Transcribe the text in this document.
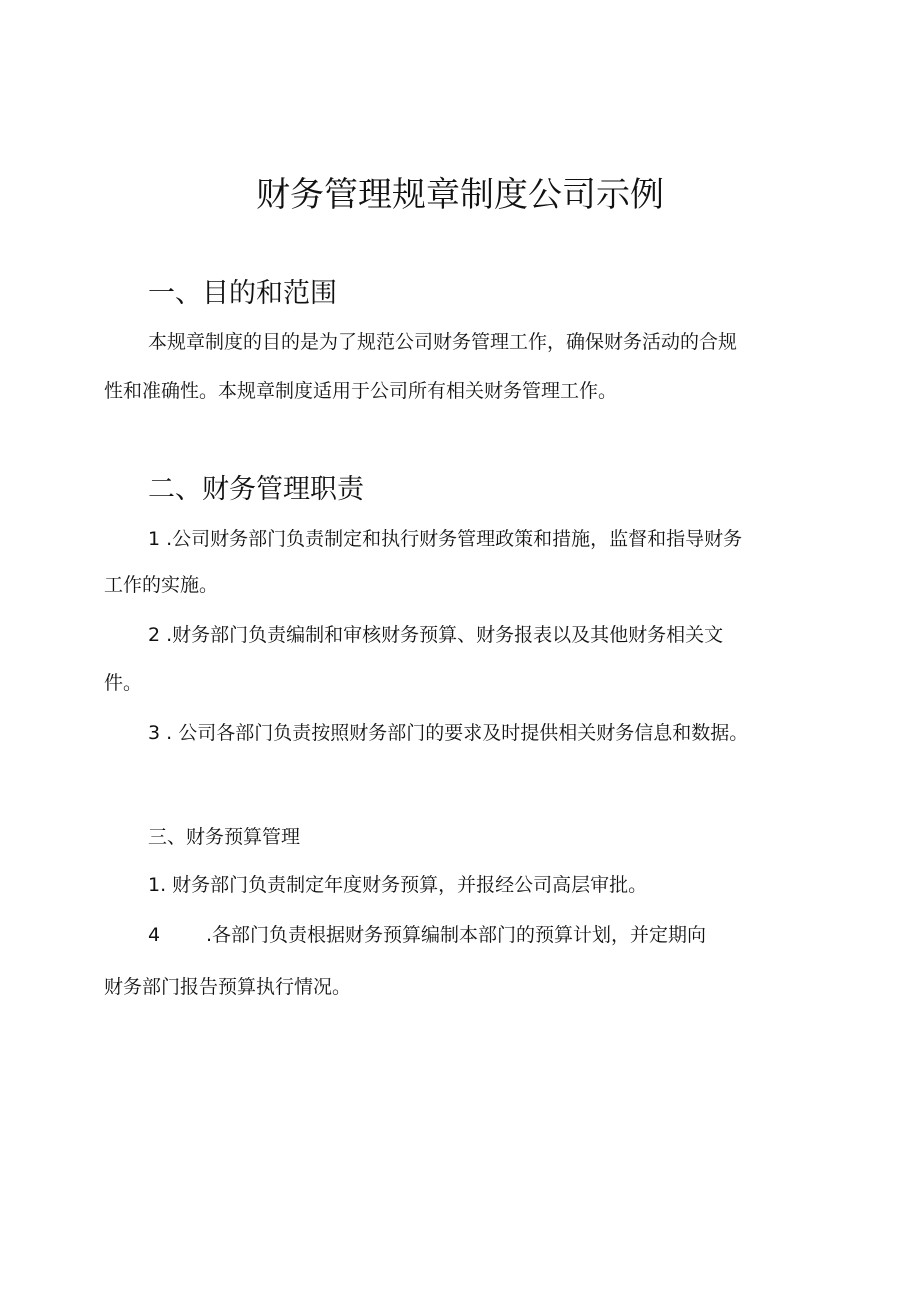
财务管理规章制度公司示例
一、目的和范围

本规章制度的目的是为了规范公司财务管理工作，确保财务活动的合规

性和准确性。本规章制度适用于公司所有相关财务管理工作。

二、财务管理职责

1 .公司财务部门负责制定和执行财务管理政策和措施，监督和指导财务

工作的实施。

2 .财务部门负责编制和审核财务预算、财务报表以及其他财务相关文

件。

3 . 公司各部门负责按照财务部门的要求及时提供相关财务信息和数据。

三、财务预算管理

1. 财务部门负责制定年度财务预算，并报经公司高层审批。

4 .各部门负责根据财务预算编制本部门的预算计划，并定期向

财务部门报告预算执行情况。
